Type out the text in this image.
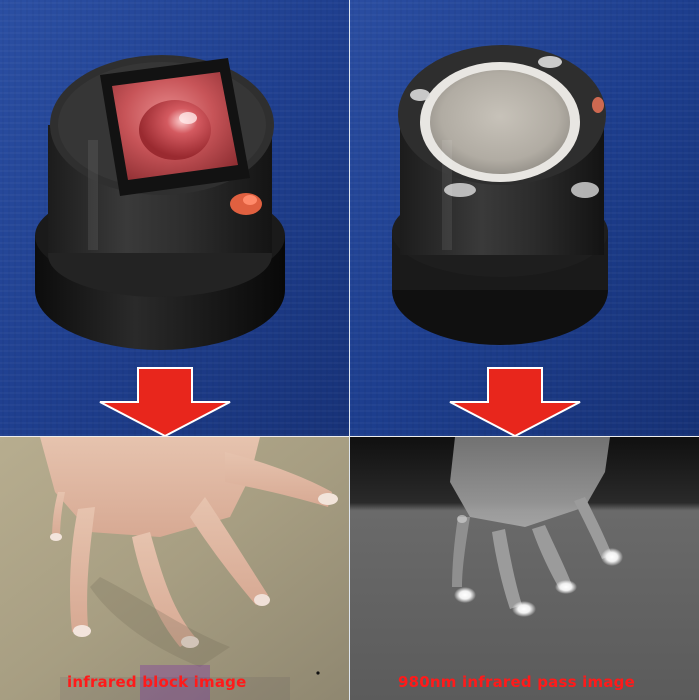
infrared block image	980nm infrared pass image
